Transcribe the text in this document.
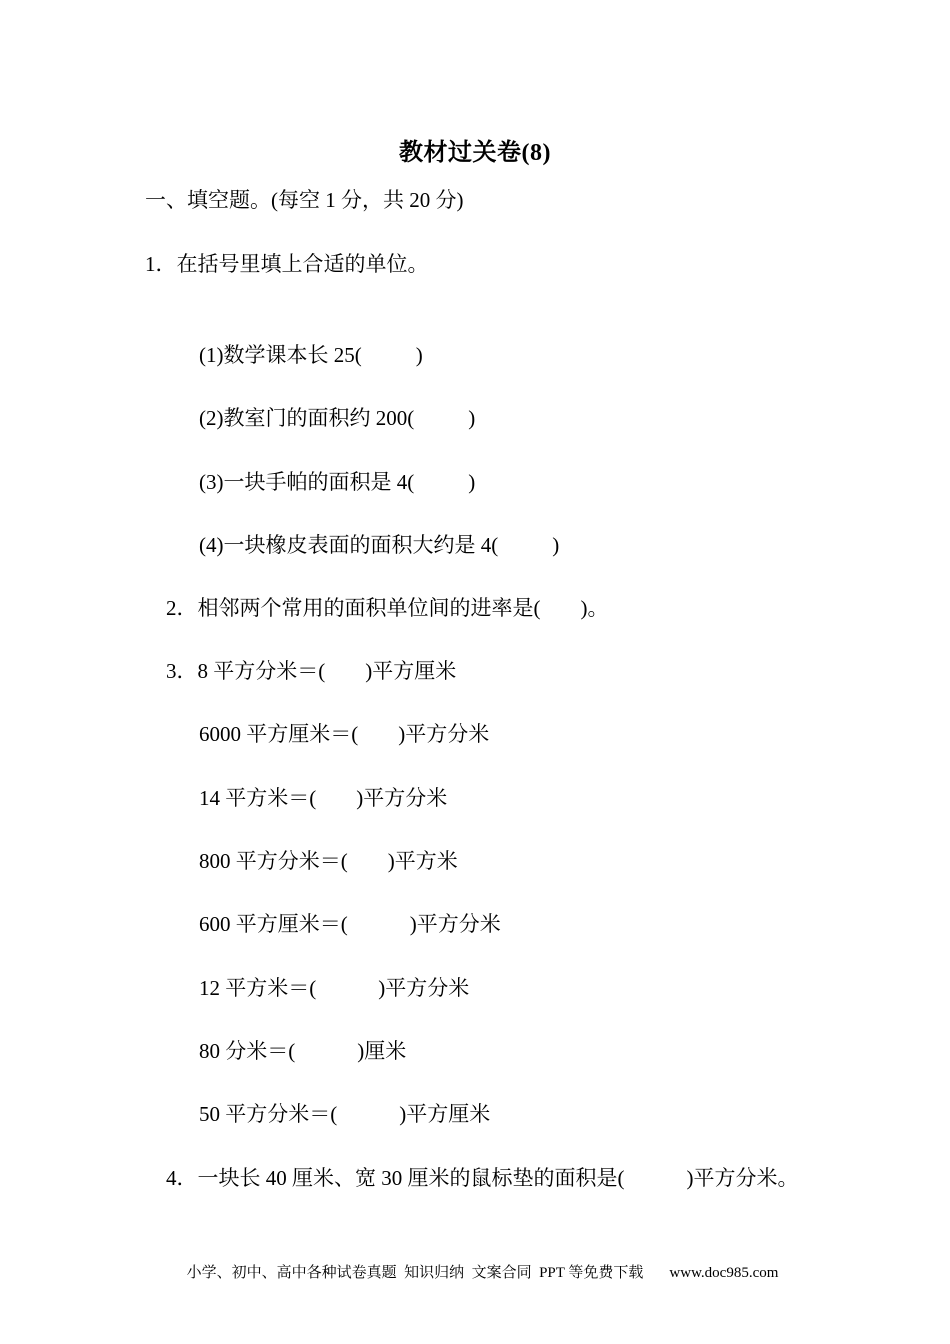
教材过关卷(8)
一、填空题。(每空 1 分，共 20 分)
1．在括号里填上合适的单位。

(1)数学课本长 25(	)

(2)教室门的面积约 200(	)

(3)一块手帕的面积是 4(	)

(4)一块橡皮表面的面积大约是 4(	)

2．相邻两个常用的面积单位间的进率是( )。

3．8 平方分米＝( )平方厘米

6000 平方厘米＝( )平方分米

14 平方米＝( )平方分米

800 平方分米＝( )平方米

600 平方厘米＝(	)平方分米

12 平方米＝(	)平方分米

80 分米＝(	)厘米

50 平方分米＝(	)平方厘米

4．一块长 40 厘米、宽 30 厘米的鼠标垫的面积是(	)平方分米。

小学、初中、高中各种试卷真题  知识归纳  文案合同  PPT 等免费下载 www.doc985.com
